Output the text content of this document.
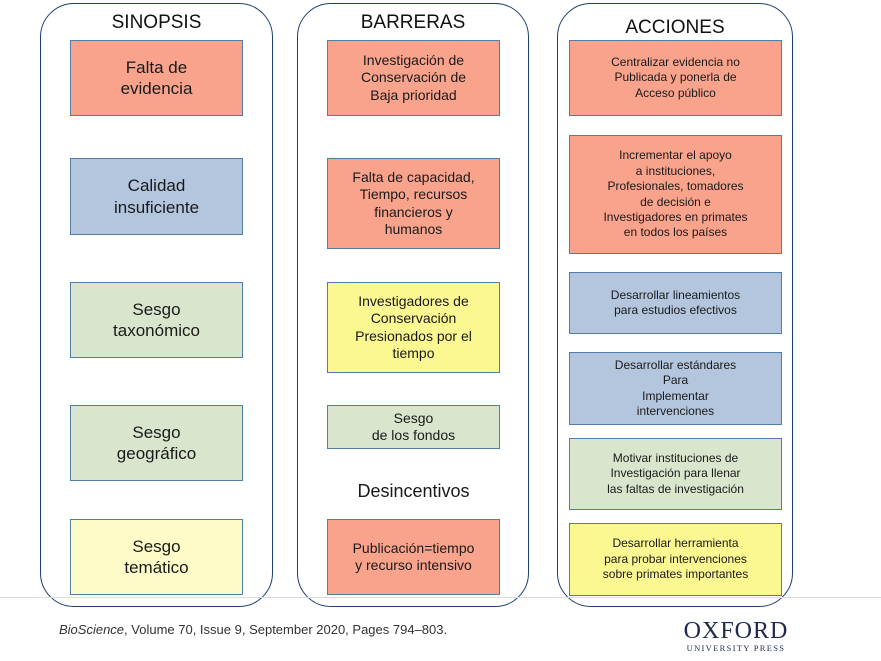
SINOPSIS
Falta de
evidencia
Calidad
insuficiente
Sesgo
taxonómico
Sesgo
geográfico
Sesgo
temático
BARRERAS
Investigación de
Conservación de
Baja prioridad
Falta de capacidad,
Tiempo, recursos
financieros y
humanos
Investigadores de
Conservación
Presionados por el
tiempo
Sesgo
de los fondos
Desincentivos
Publicación=tiempo
y recurso intensivo
ACCIONES
Centralizar evidencia no
Publicada y ponerla de
Acceso público
Incrementar el apoyo
a instituciones,
Profesionales, tomadores
de decisión e
Investigadores en primates
en todos los países
Desarrollar lineamientos
para estudios efectivos
Desarrollar estándares
Para
Implementar
intervenciones
Motivar instituciones de
Investigación para llenar
las faltas de investigación
Desarrollar herramienta
para probar intervenciones
sobre primates importantes
BioScience, Volume 70, Issue 9, September 2020, Pages 794–803.	OXFORD
UNIVERSITY PRESS
